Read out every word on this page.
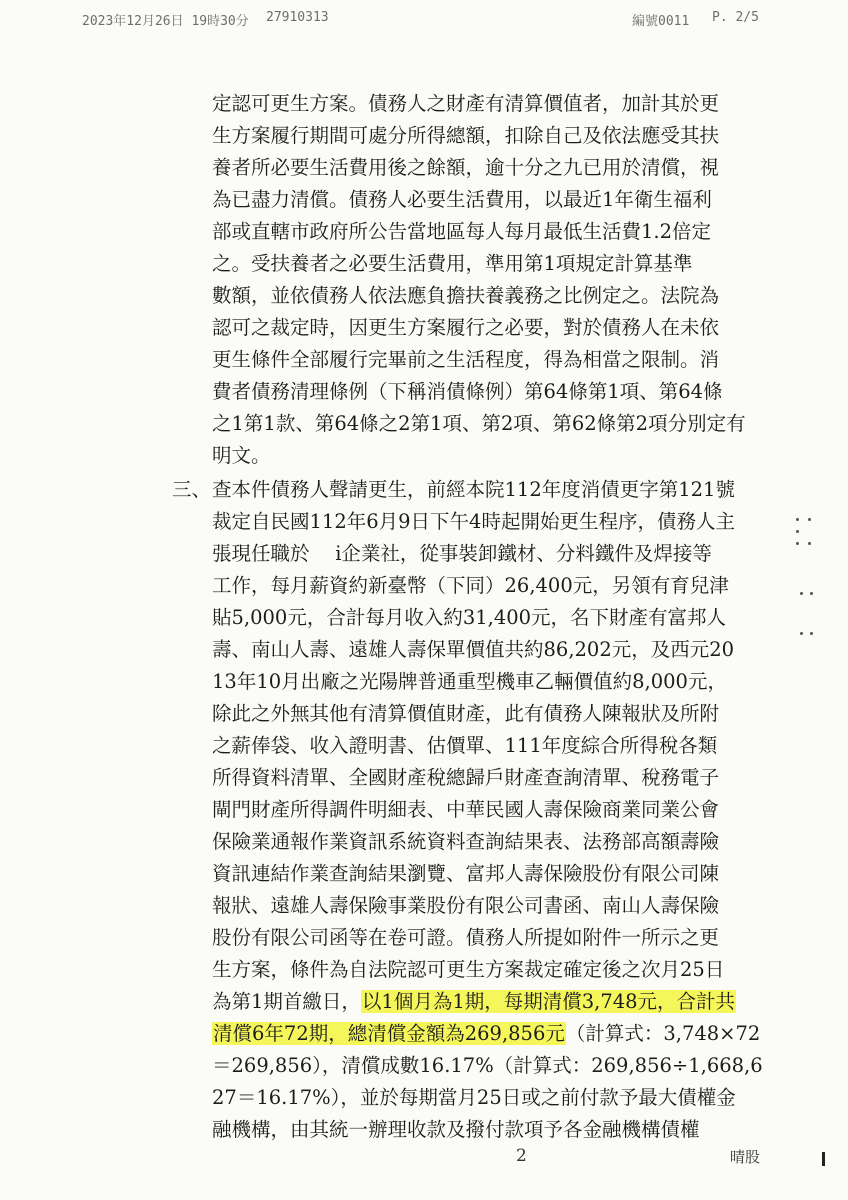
2023年12月26日 19時30分 27910313	編號0011 P. 2/5
定認可更生方案。債務人之財產有清算價值者，加計其於更
生方案履行期間可處分所得總額，扣除自己及依法應受其扶
養者所必要生活費用後之餘額，逾十分之九已用於清償，視
為已盡力清償。債務人必要生活費用，以最近1年衛生福利
部或直轄市政府所公告當地區每人每月最低生活費1.2倍定
之。受扶養者之必要生活費用，準用第1項規定計算基準
數額，並依債務人依法應負擔扶養義務之比例定之。法院為
認可之裁定時，因更生方案履行之必要，對於債務人在未依
更生條件全部履行完畢前之生活程度，得為相當之限制。消
費者債務清理條例（下稱消債條例）第64條第1項、第64條
之1第1款、第64條之2第1項、第2項、第62條第2項分別定有
明文。
三、 查本件債務人聲請更生，前經本院112年度消債更字第121號
裁定自民國112年6月9日下午4時起開始更生程序，債務人主
張現任職於　 i企業社，從事裝卸鐵材、分料鐵件及焊接等
工作，每月薪資約新臺幣（下同）26,400元，另領有育兒津
貼5,000元，合計每月收入約31,400元，名下財產有富邦人
壽、南山人壽、遠雄人壽保單價值共約86,202元，及西元20
13年10月出廠之光陽牌普通重型機車乙輛價值約8,000元，
除此之外無其他有清算價值財產，此有債務人陳報狀及所附
之薪俸袋、收入證明書、估價單、111年度綜合所得稅各類
所得資料清單、全國財產稅總歸戶財產查詢清單、稅務電子
閘門財產所得調件明細表、中華民國人壽保險商業同業公會
保險業通報作業資訊系統資料查詢結果表、法務部高額壽險
資訊連結作業查詢結果瀏覽、富邦人壽保險股份有限公司陳
報狀、遠雄人壽保險事業股份有限公司書函、南山人壽保險
股份有限公司函等在卷可證。債務人所提如附件一所示之更
生方案，條件為自法院認可更生方案裁定確定後之次月25日
為第1期首繳日，以1個月為1期，每期清償3,748元，合計共
清償6年72期，總清償金額為269,856元（計算式：3,748×72
＝269,856），清償成數16.17%（計算式：269,856÷1,668,6
27＝16.17%），並於每期當月25日或之前付款予最大債權金
融機構，由其統一辦理收款及撥付款項予各金融機構債權
2	晴股
